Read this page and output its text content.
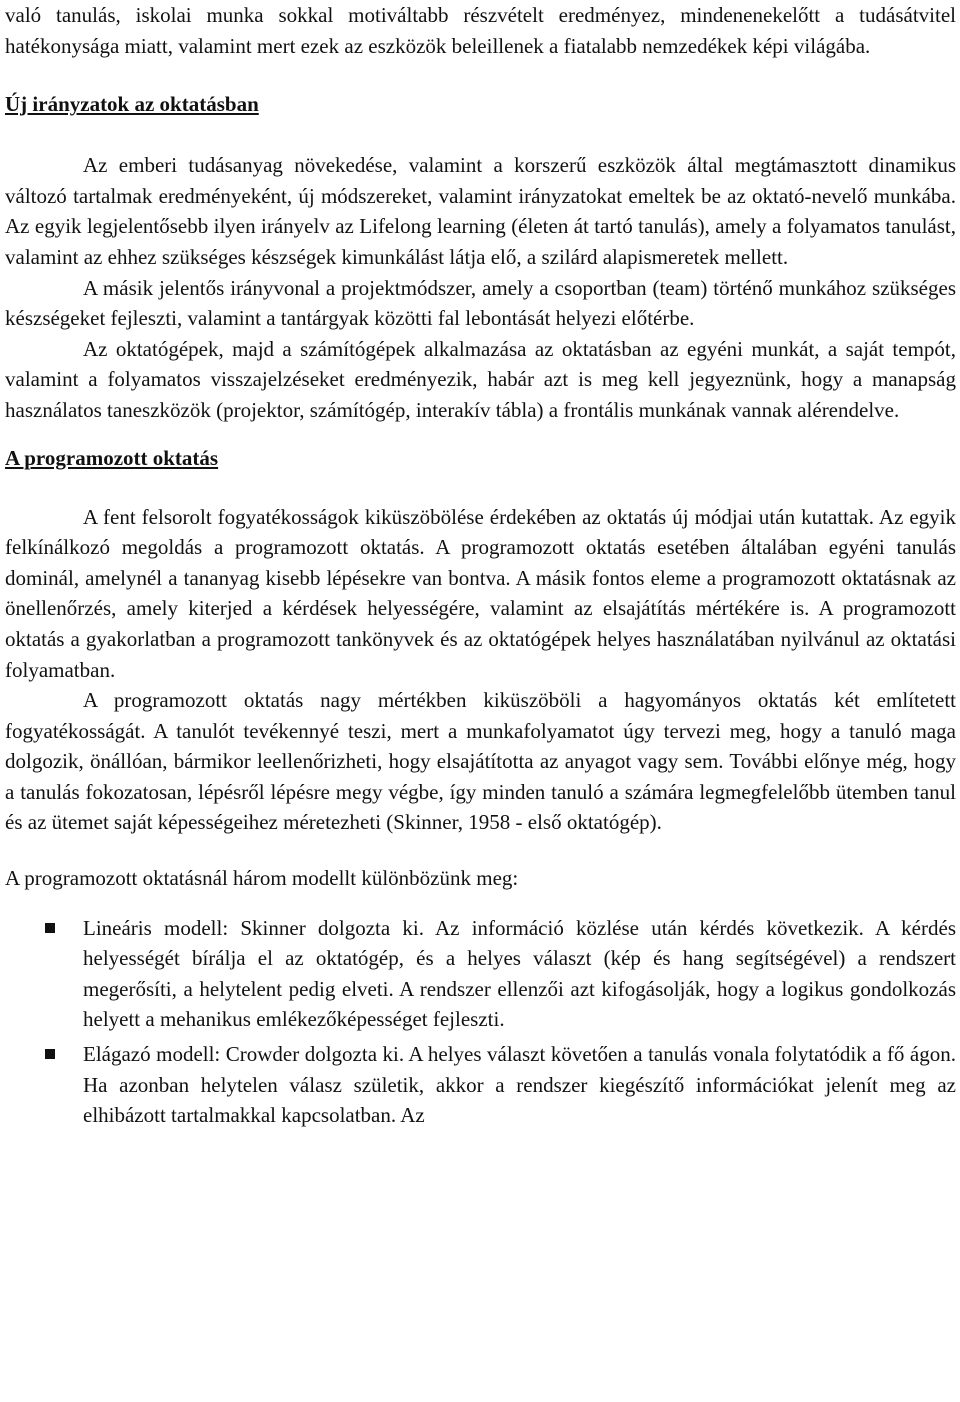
való tanulás, iskolai munka sokkal motiváltabb részvételt eredményez, mindenenekelőtt a tudásátvitel hatékonysága miatt, valamint mert ezek az eszközök beleillenek a fiatalabb nemzedékek képi világába.

Új irányzatok az oktatásban

Az emberi tudásanyag növekedése, valamint a korszerű eszközök által megtámasztott dinamikus változó tartalmak eredményeként, új módszereket, valamint irányzatokat emeltek be az oktató-nevelő munkába. Az egyik legjelentősebb ilyen irányelv az Lifelong learning (életen át tartó tanulás), amely a folyamatos tanulást, valamint az ehhez szükséges készségek kimunkálást látja elő, a szilárd alapismeretek mellett.

A másik jelentős irányvonal a projektmódszer, amely a csoportban (team) történő munkához szükséges készségeket fejleszti, valamint a tantárgyak közötti fal lebontását helyezi előtérbe.

Az oktatógépek, majd a számítógépek alkalmazása az oktatásban az egyéni munkát, a saját tempót, valamint a folyamatos visszajelzéseket eredményezik, habár azt is meg kell jegyeznünk, hogy a manapság használatos taneszközök (projektor, számítógép, interakív tábla) a frontális munkának vannak alérendelve.

A programozott oktatás

A fent felsorolt fogyatékosságok kiküszöbölése érdekében az oktatás új módjai után kutattak. Az egyik felkínálkozó megoldás a programozott oktatás. A programozott oktatás esetében általában egyéni tanulás dominál, amelynél a tananyag kisebb lépésekre van bontva. A másik fontos eleme a programozott oktatásnak az önellenőrzés, amely kiterjed a kérdések helyességére, valamint az elsajátítás mértékére is. A programozott oktatás a gyakorlatban a programozott tankönyvek és az oktatógépek helyes használatában nyilvánul az oktatási folyamatban.

A programozott oktatás nagy mértékben kiküszöböli a hagyományos oktatás két említetett fogyatékosságát. A tanulót tevékennyé teszi, mert a munkafolyamatot úgy tervezi meg, hogy a tanuló maga dolgozik, önállóan, bármikor leellenőrizheti, hogy elsajátította az anyagot vagy sem. További előnye még, hogy a tanulás fokozatosan, lépésről lépésre megy végbe, így minden tanuló a számára legmegfelelőbb ütemben tanul és az ütemet saját képességeihez méretezheti (Skinner, 1958 - első oktatógép).

A programozott oktatásnál három modellt különbözünk meg:

Lineáris modell: Skinner dolgozta ki. Az információ közlése után kérdés következik. A kérdés helyességét bírálja el az oktatógép, és a helyes választ (kép és hang segítségével) a rendszert megerősíti, a helytelent pedig elveti. A rendszer ellenzői azt kifogásolják, hogy a logikus gondolkozás helyett a mehanikus emlékezőképességet fejleszti.
Elágazó modell: Crowder dolgozta ki. A helyes választ követően a tanulás vonala folytatódik a fő ágon. Ha azonban helytelen válasz születik, akkor a rendszer kiegészítő információkat jelenít meg az elhibázott tartalmakkal kapcsolatban. Az
